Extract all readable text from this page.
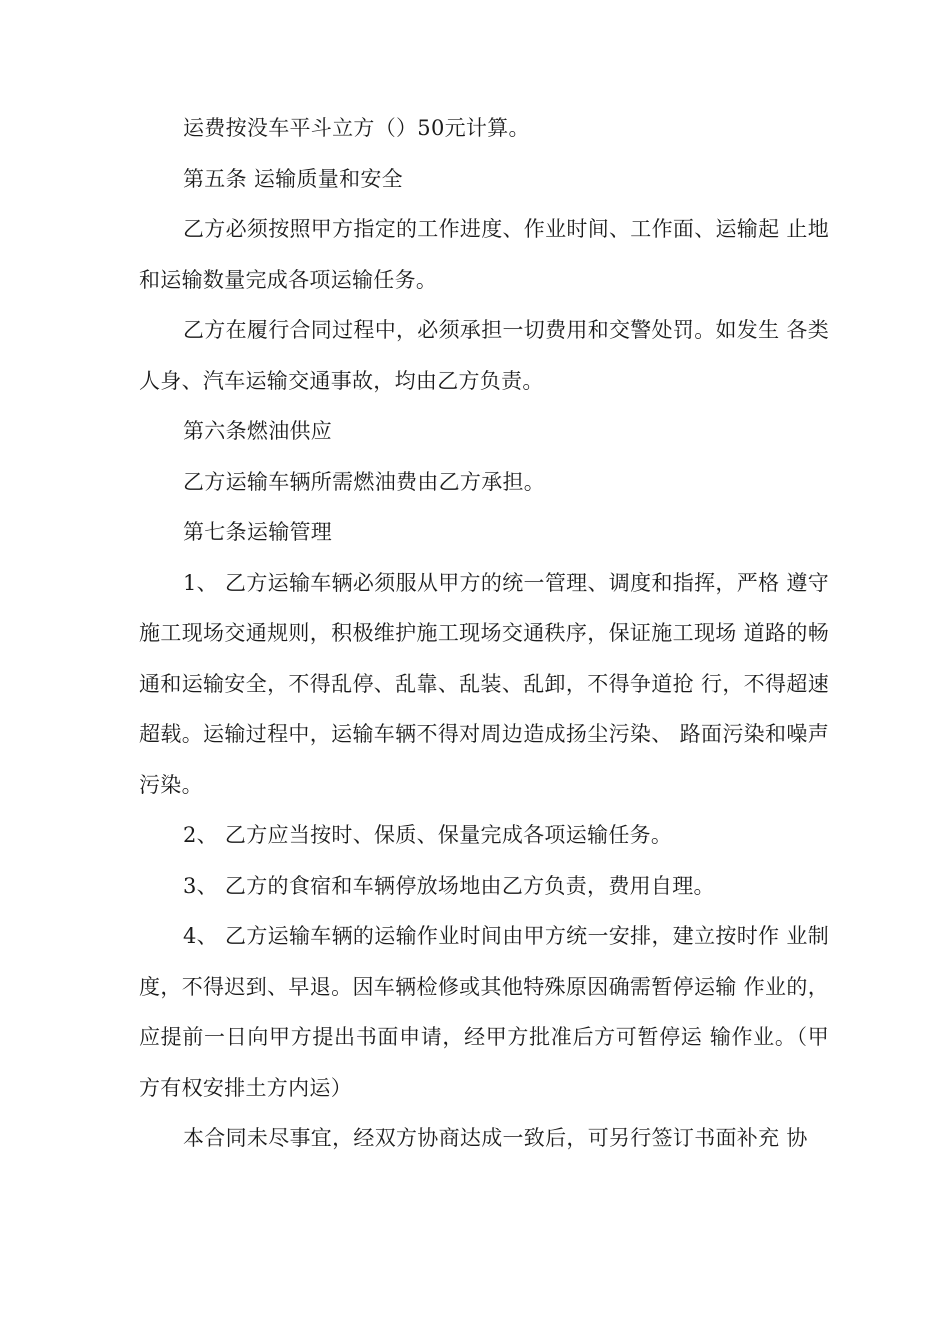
运费按没车平斗立方（）50元计算。

第五条 运输质量和安全

乙方必须按照甲方指定的工作进度、作业时间、工作面、运输起 止地和运输数量完成各项运输任务。

乙方在履行合同过程中，必须承担一切费用和交警处罚。如发生 各类人身、汽车运输交通事故，均由乙方负责。

第六条燃油供应

乙方运输车辆所需燃油费由乙方承担。

第七条运输管理

1、 乙方运输车辆必须服从甲方的统一管理、调度和指挥，严格 遵守施工现场交通规则，积极维护施工现场交通秩序，保证施工现场 道路的畅通和运输安全，不得乱停、乱靠、乱装、乱卸，不得争道抢 行，不得超速超载。运输过程中，运输车辆不得对周边造成扬尘污染、 路面污染和噪声污染。

2、 乙方应当按时、保质、保量完成各项运输任务。

3、 乙方的食宿和车辆停放场地由乙方负责，费用自理。

4、 乙方运输车辆的运输作业时间由甲方统一安排，建立按时作 业制度，不得迟到、早退。因车辆检修或其他特殊原因确需暂停运输 作业的，应提前一日向甲方提出书面申请，经甲方批准后方可暂停运 输作业。（甲方有权安排土方内运）

本合同未尽事宜，经双方协商达成一致后，可另行签订书面补充 协
